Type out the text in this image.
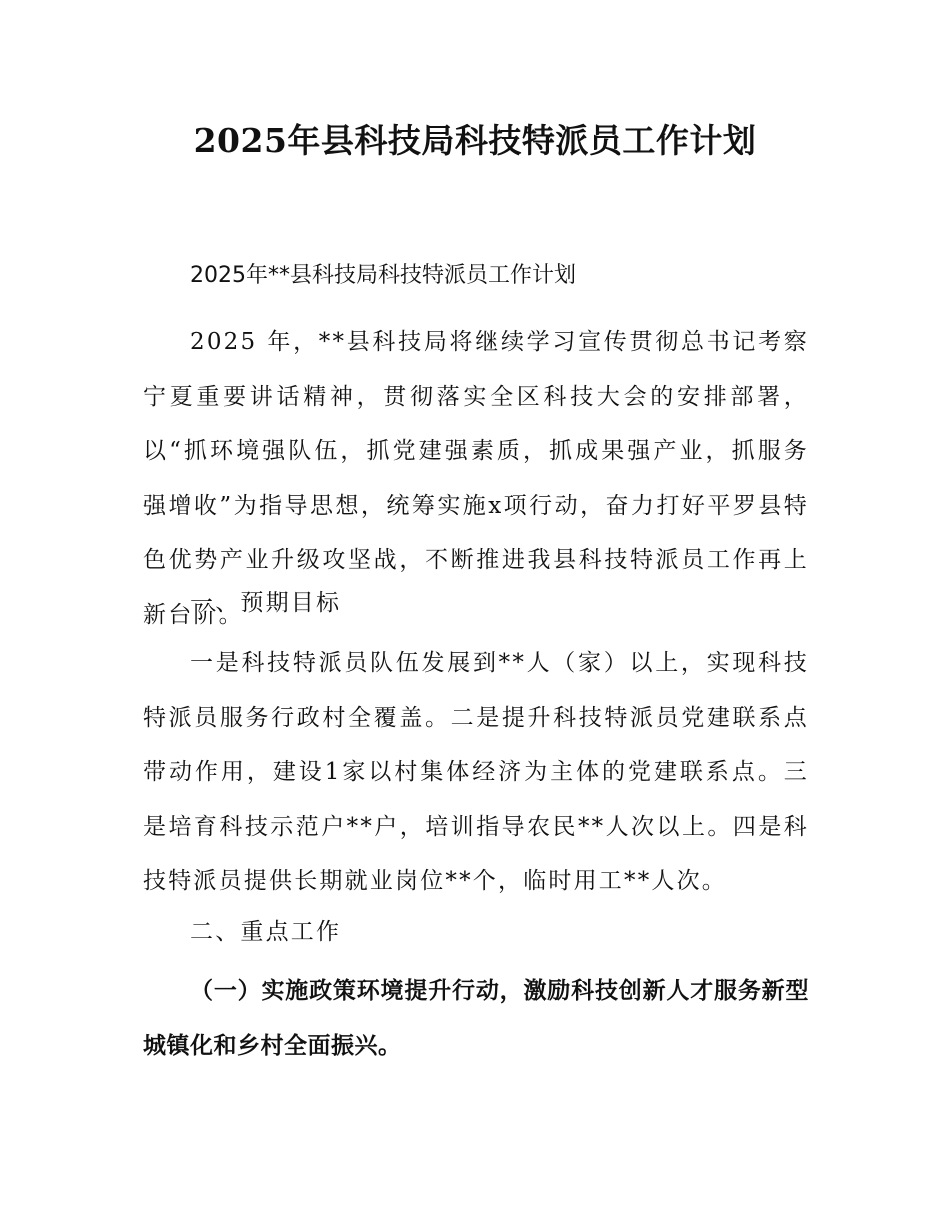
2025年县科技局科技特派员工作计划

2025年**县科技局科技特派员工作计划

2025 年，**县科技局将继续学习宣传贯彻总书记考察宁夏重要讲话精神，贯彻落实全区科技大会的安排部署，以“抓环境强队伍，抓党建强素质，抓成果强产业，抓服务强增收”为指导思想，统筹实施x项行动，奋力打好平罗县特色优势产业升级攻坚战，不断推进我县科技特派员工作再上新台阶。

一、预期目标

一是科技特派员队伍发展到**人（家）以上，实现科技特派员服务行政村全覆盖。二是提升科技特派员党建联系点带动作用，建设1家以村集体经济为主体的党建联系点。三是培育科技示范户**户，培训指导农民**人次以上。四是科技特派员提供长期就业岗位**个，临时用工**人次。

二、重点工作

（一）实施政策环境提升行动，激励科技创新人才服务新型城镇化和乡村全面振兴。
